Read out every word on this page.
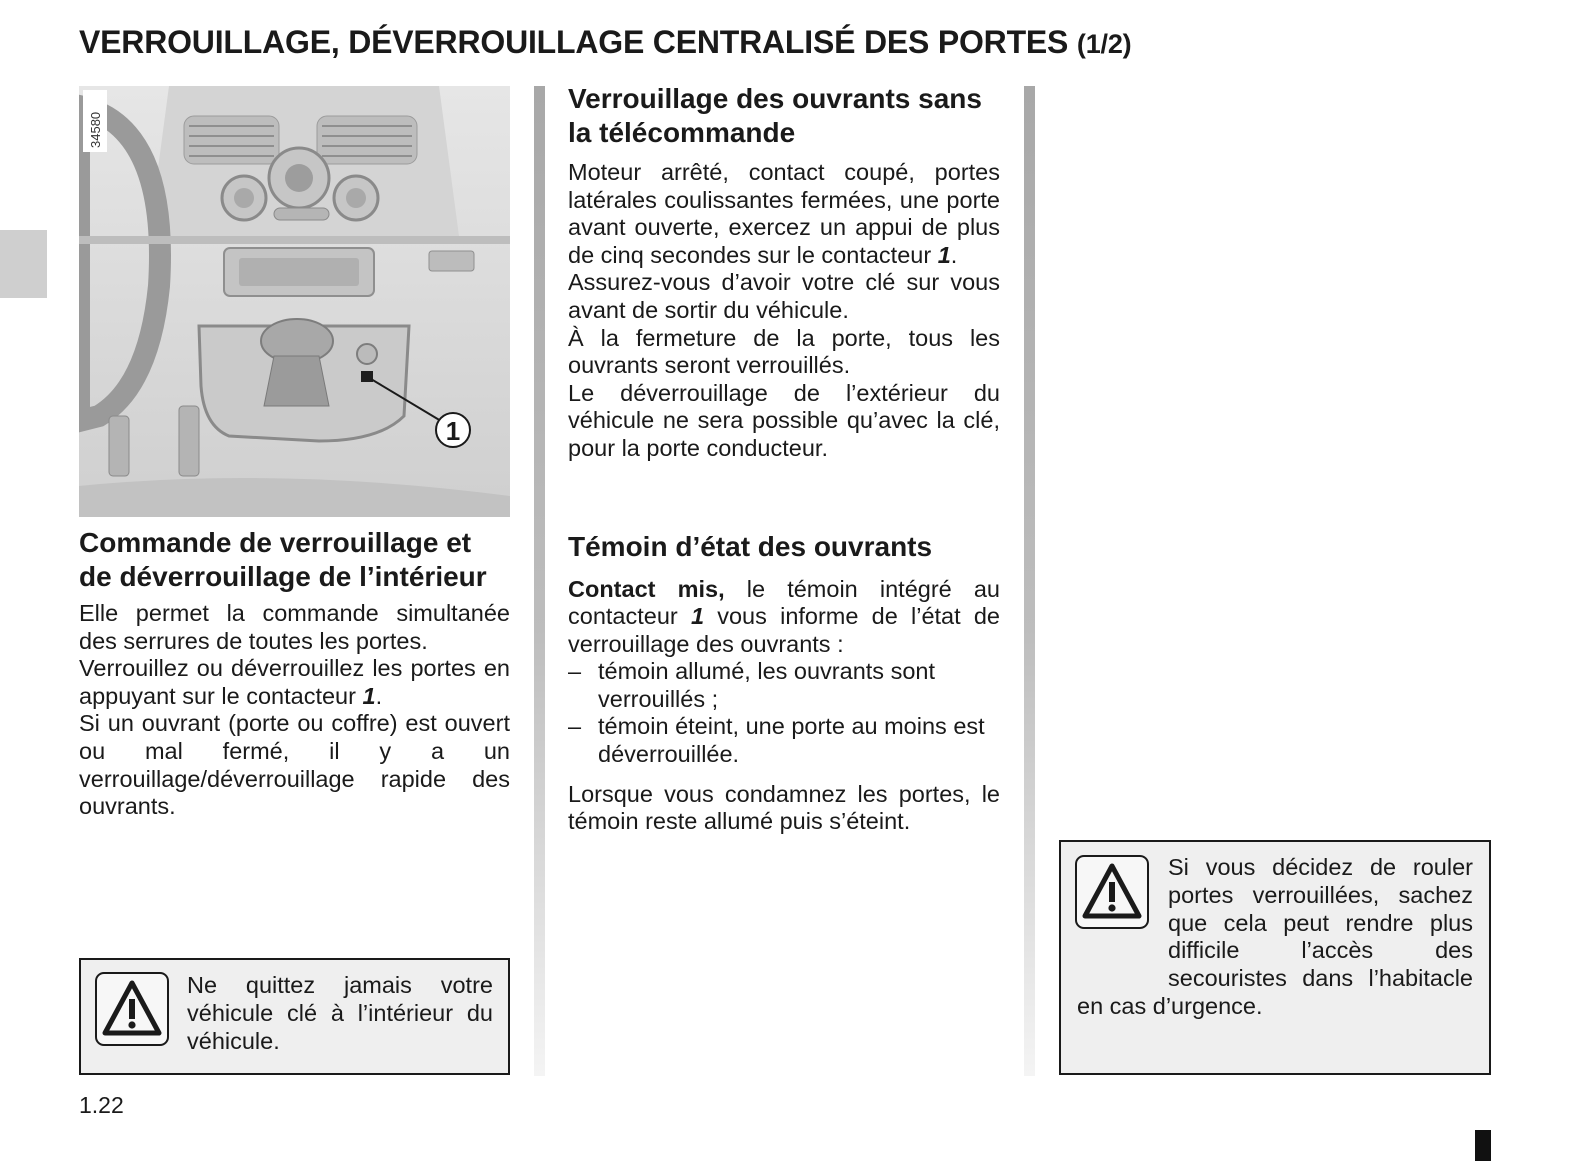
VERROUILLAGE, DÉVERROUILLAGE CENTRALISÉ DES PORTES (1/2)
1
34580
Commande de verrouillage et de déverrouillage de l’intérieur

Elle permet la commande simultanée des serrures de toutes les portes.

Verrouillez ou déverrouillez les portes en appuyant sur le contacteur 1.

Si un ouvrant (porte ou coffre) est ouvert ou mal fermé, il y a un verrouillage/déverrouillage rapide des ouvrants.

Ne quittez jamais votre véhicule clé à l’intérieur du véhicule.
Verrouillage des ouvrants sans la télécommande

Moteur arrêté, contact coupé, portes latérales coulissantes fermées, une porte avant ouverte, exercez un appui de plus de cinq secondes sur le contacteur 1.

Assurez-vous d’avoir votre clé sur vous avant de sortir du véhicule.

À la fermeture de la porte, tous les ouvrants seront verrouillés.

Le déverrouillage de l’extérieur du véhicule ne sera possible qu’avec la clé, pour la porte conducteur.

Témoin d’état des ouvrants

Contact mis, le témoin intégré au contacteur 1 vous informe de l’état de verrouillage des ouvrants :

– témoin allumé, les ouvrants sont verrouillés ;
– témoin éteint, une porte au moins est déverrouillée.

Lorsque vous condamnez les portes, le témoin reste allumé puis s’éteint.

Si vous décidez de rouler portes verrouillées, sachez que cela peut rendre plus difficile l’accès des secouristes dans l’habitacle en cas d’urgence.
1.22
